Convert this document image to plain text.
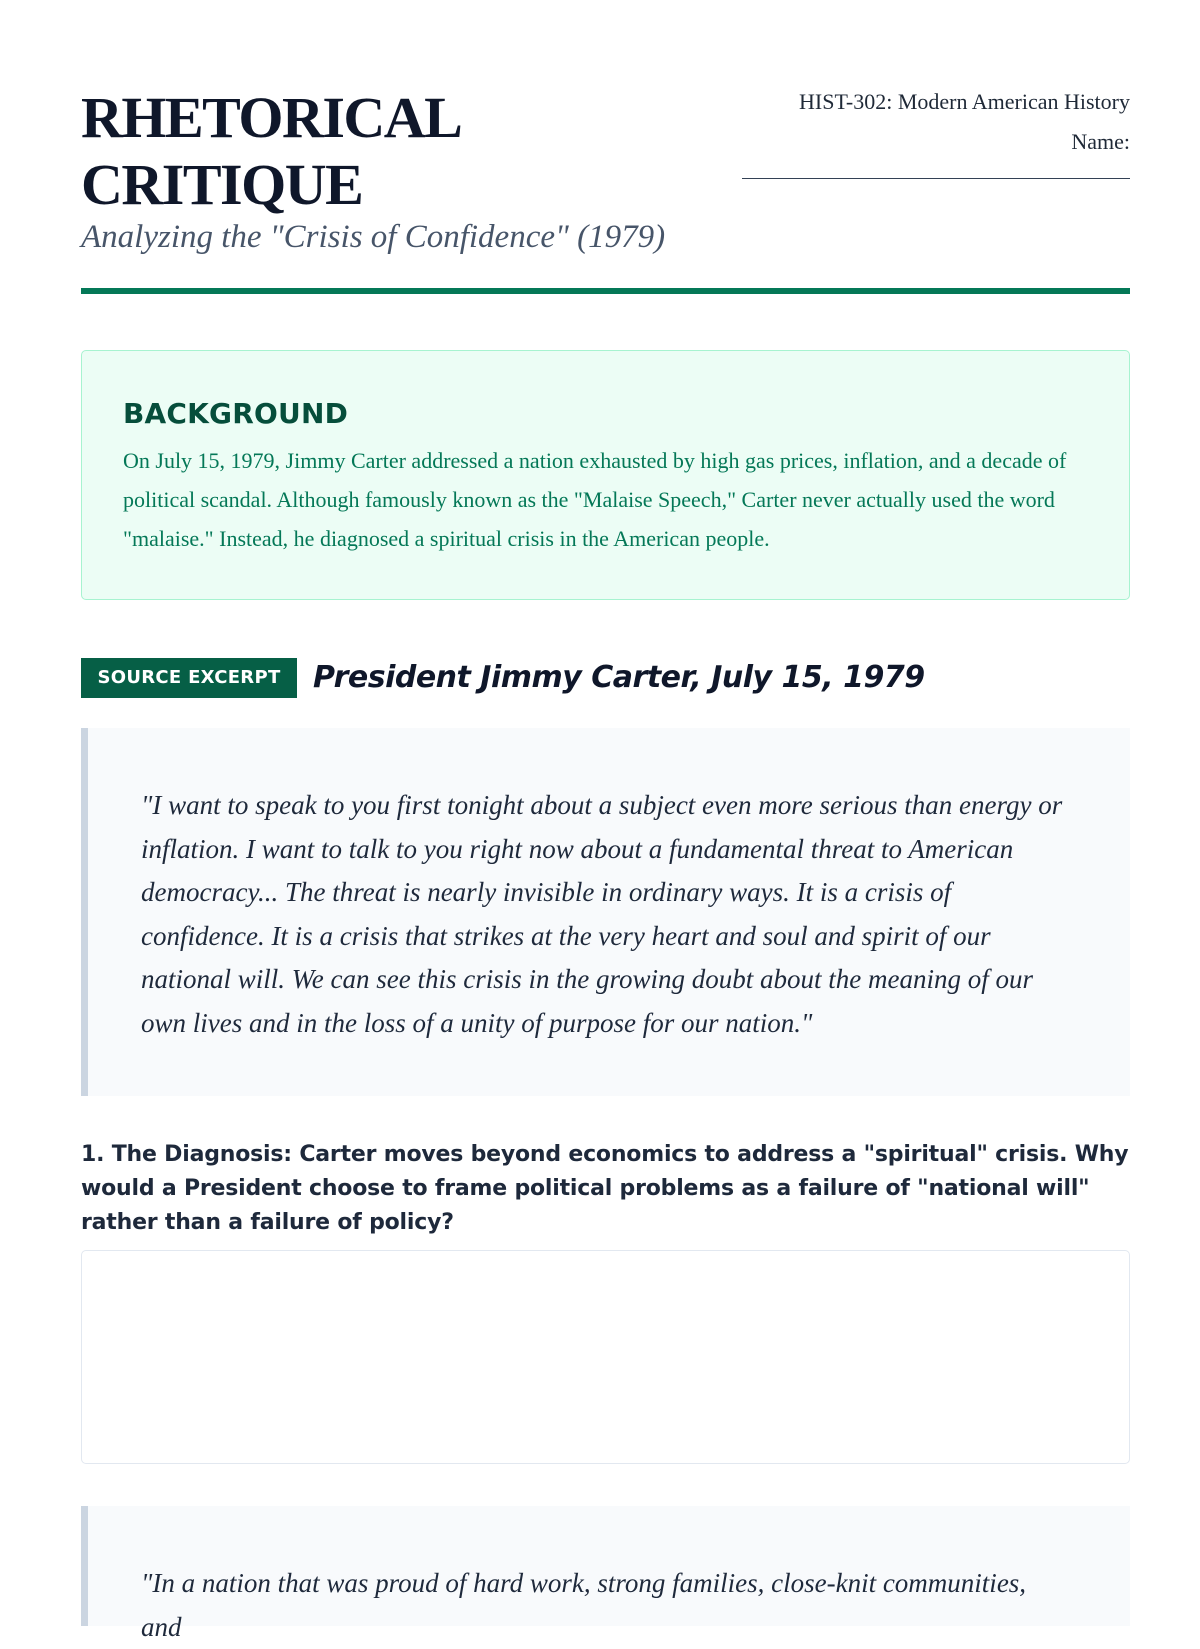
RHETORICAL CRITIQUE

Analyzing the "Crisis of Confidence" (1979)

HIST-302: Modern American History
Name:
BACKGROUND

On July 15, 1979, Jimmy Carter addressed a nation exhausted by high gas prices, inflation, and a decade of political scandal. Although famously known as the "Malaise Speech," Carter never actually used the word "malaise." Instead, he diagnosed a spiritual crisis in the American people.

SOURCE EXCERPT	President Jimmy Carter, July 15, 1979

"I want to speak to you first tonight about a subject even more serious than energy or inflation. I want to talk to you right now about a fundamental threat to American democracy... The threat is nearly invisible in ordinary ways. It is a crisis of confidence. It is a crisis that strikes at the very heart and soul and spirit of our national will. We can see this crisis in the growing doubt about the meaning of our own lives and in the loss of a unity of purpose for our nation."

1. The Diagnosis: Carter moves beyond economics to address a "spiritual" crisis. Why would a President choose to frame political problems as a failure of "national will" rather than a failure of policy?

"In a nation that was proud of hard work, strong families, close-knit communities, and
